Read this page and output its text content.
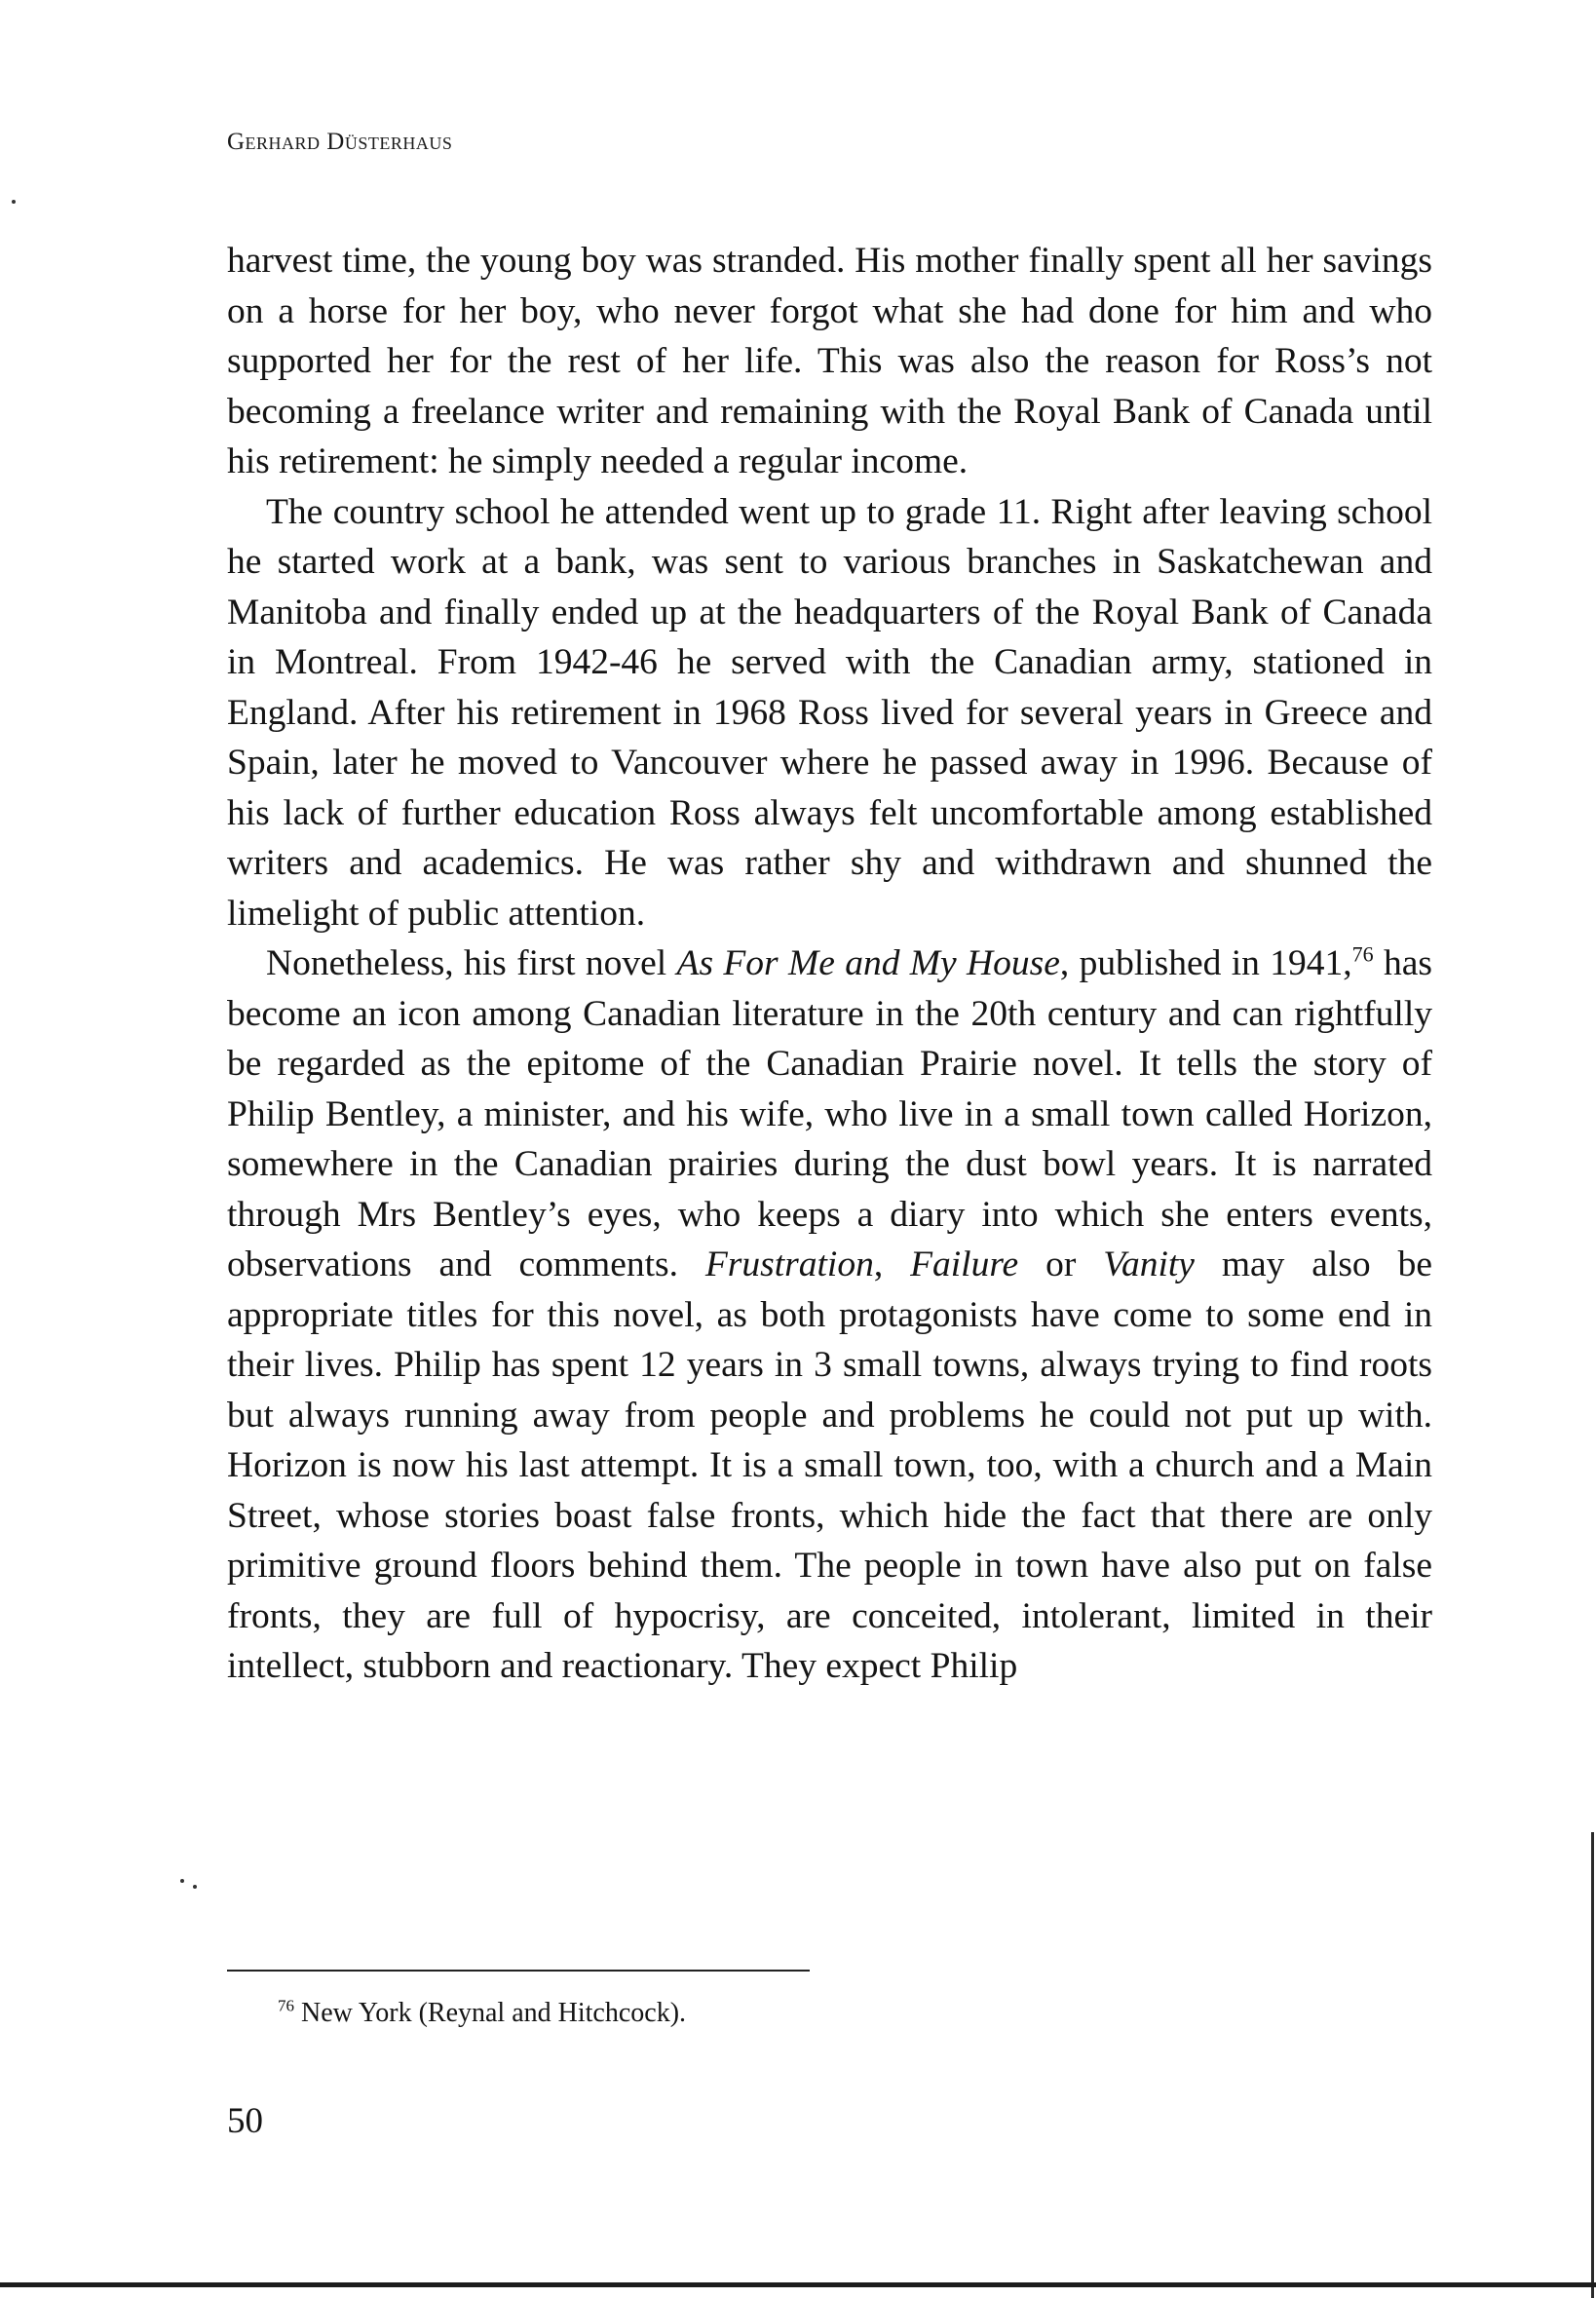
Gerhard Düsterhaus

harvest time, the young boy was stranded. His mother finally spent all her savings on a horse for her boy, who never forgot what she had done for him and who supported her for the rest of her life. This was also the reason for Ross’s not becoming a freelance writer and remaining with the Royal Bank of Canada until his retirement: he simply needed a regular income.

The country school he attended went up to grade 11. Right after leaving school he started work at a bank, was sent to various branches in Saskatchewan and Manitoba and finally ended up at the headquarters of the Royal Bank of Canada in Montreal. From 1942-46 he served with the Canadian army, stationed in England. After his retirement in 1968 Ross lived for several years in Greece and Spain, later he moved to Vancouver where he passed away in 1996. Because of his lack of further education Ross always felt uncomfortable among established writers and academics. He was rather shy and withdrawn and shunned the limelight of public attention.

Nonetheless, his first novel As For Me and My House, published in 1941,76 has become an icon among Canadian literature in the 20th century and can rightfully be regarded as the epitome of the Canadian Prairie novel. It tells the story of Philip Bentley, a minister, and his wife, who live in a small town called Horizon, somewhere in the Canadian prairies during the dust bowl years. It is narrated through Mrs Bentley’s eyes, who keeps a diary into which she enters events, observations and comments. Frustration, Failure or Vanity may also be appropriate titles for this novel, as both protagonists have come to some end in their lives. Philip has spent 12 years in 3 small towns, always trying to find roots but always running away from people and problems he could not put up with. Horizon is now his last attempt. It is a small town, too, with a church and a Main Street, whose stories boast false fronts, which hide the fact that there are only primitive ground floors behind them. The people in town have also put on false fronts, they are full of hypocrisy, are conceited, intolerant, limited in their intellect, stubborn and reactionary. They expect Philip

$^{76}$ New York (Reynal and Hitchcock).
50
